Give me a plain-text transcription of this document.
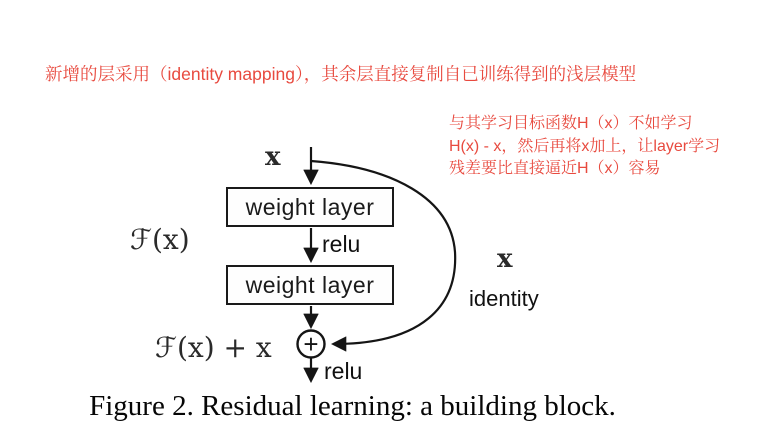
新增的层采用（identity mapping），其余层直接复制自已训练得到的浅层模型
与其学习目标函数H（x）不如学习
H(x) - x，然后再将x加上，让layer学习
残差要比直接逼近H（x）容易
+
weight layer
weight layer
x
ℱ(x)	relu	x
identity
ℱ(x) + x
relu
Figure 2. Residual learning: a building block.
